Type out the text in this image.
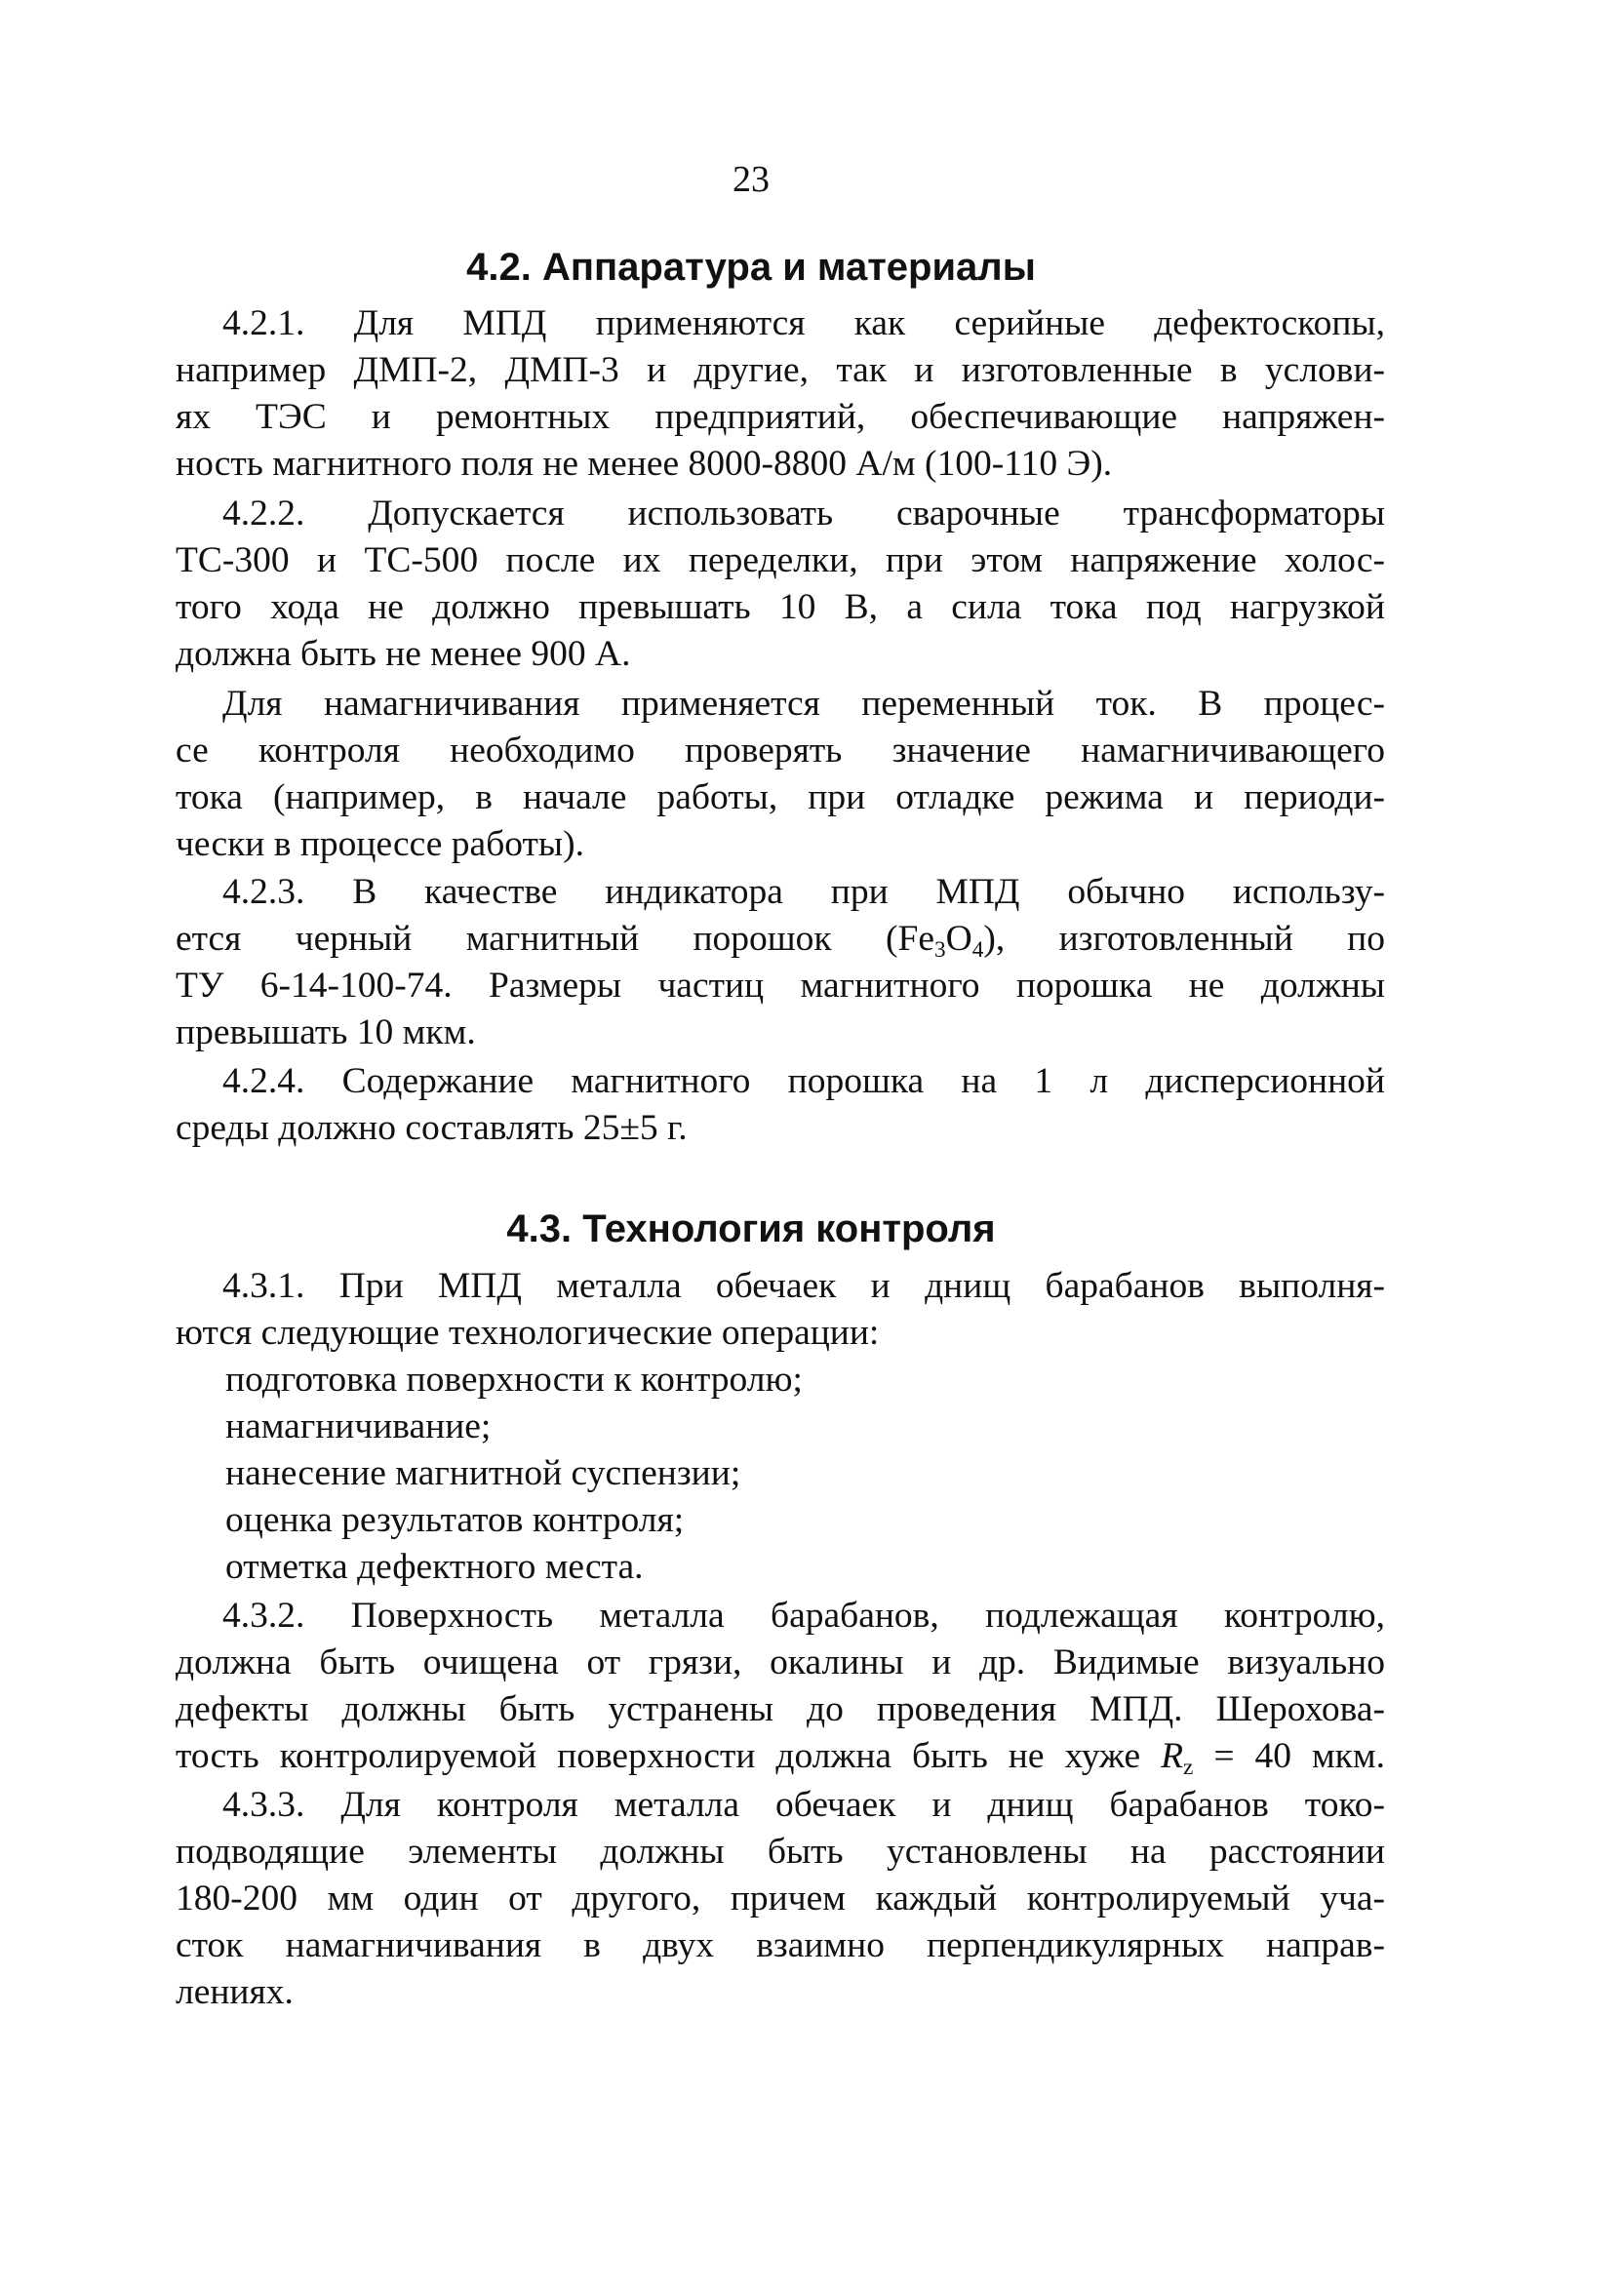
23
4.2. Аппаратура и материалы
4.2.1. Для МПД применяются как серийные дефектоскопы,
например ДМП-2, ДМП-3 и другие, так и изготовленные в услови-
ях ТЭС и ремонтных предприятий, обеспечивающие напряжен-
ность магнитного поля не менее 8000-8800 А/м (100-110 Э).
4.2.2. Допускается использовать сварочные трансформаторы
ТС-300 и ТС-500 после их переделки, при этом напряжение холос-
того хода не должно превышать 10 В, а сила тока под нагрузкой
должна быть не менее 900 А.
Для намагничивания применяется переменный ток. В процес-
се контроля необходимо проверять значение намагничивающего
тока (например, в начале работы, при отладке режима и периоди-
чески в процессе работы).
4.2.3. В качестве индикатора при МПД обычно использу-
ется черный магнитный порошок $(Fe_3O_4)$, изготовленный по
ТУ 6-14-100-74. Размеры частиц магнитного порошка не должны
превышать 10 мкм.
4.2.4. Содержание магнитного порошка на 1 л дисперсионной
среды должно составлять 25±5 г.
4.3. Технология контроля
4.3.1. При МПД металла обечаек и днищ барабанов выполня-
ются следующие технологические операции:
подготовка поверхности к контролю;
намагничивание;
нанесение магнитной суспензии;
оценка результатов контроля;
отметка дефектного места.
4.3.2. Поверхность металла барабанов, подлежащая контролю,
должна быть очищена от грязи, окалины и др. Видимые визуально
дефекты должны быть устранены до проведения МПД. Шерохова-
тость контролируемой поверхности должна быть не хуже $R_z = 40$ мкм.
4.3.3. Для контроля металла обечаек и днищ барабанов токо-
подводящие элементы должны быть установлены на расстоянии
180-200 мм один от другого, причем каждый контролируемый уча-
сток намагничивания в двух взаимно перпендикулярных направ-
лениях.
